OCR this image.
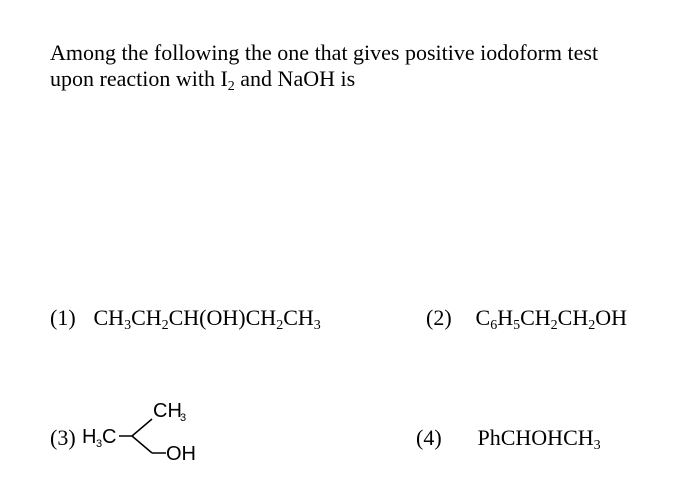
Among the following the one that gives positive iodoform test
upon reaction with $I_2$ and NaOH is
(1) $CH_3CH_2CH(OH)CH_2CH_3$	(2) $C_6H_5CH_2CH_2OH$
(3) H 3 C
CH
3
OH
(4) PhCHOHCH$_3$
